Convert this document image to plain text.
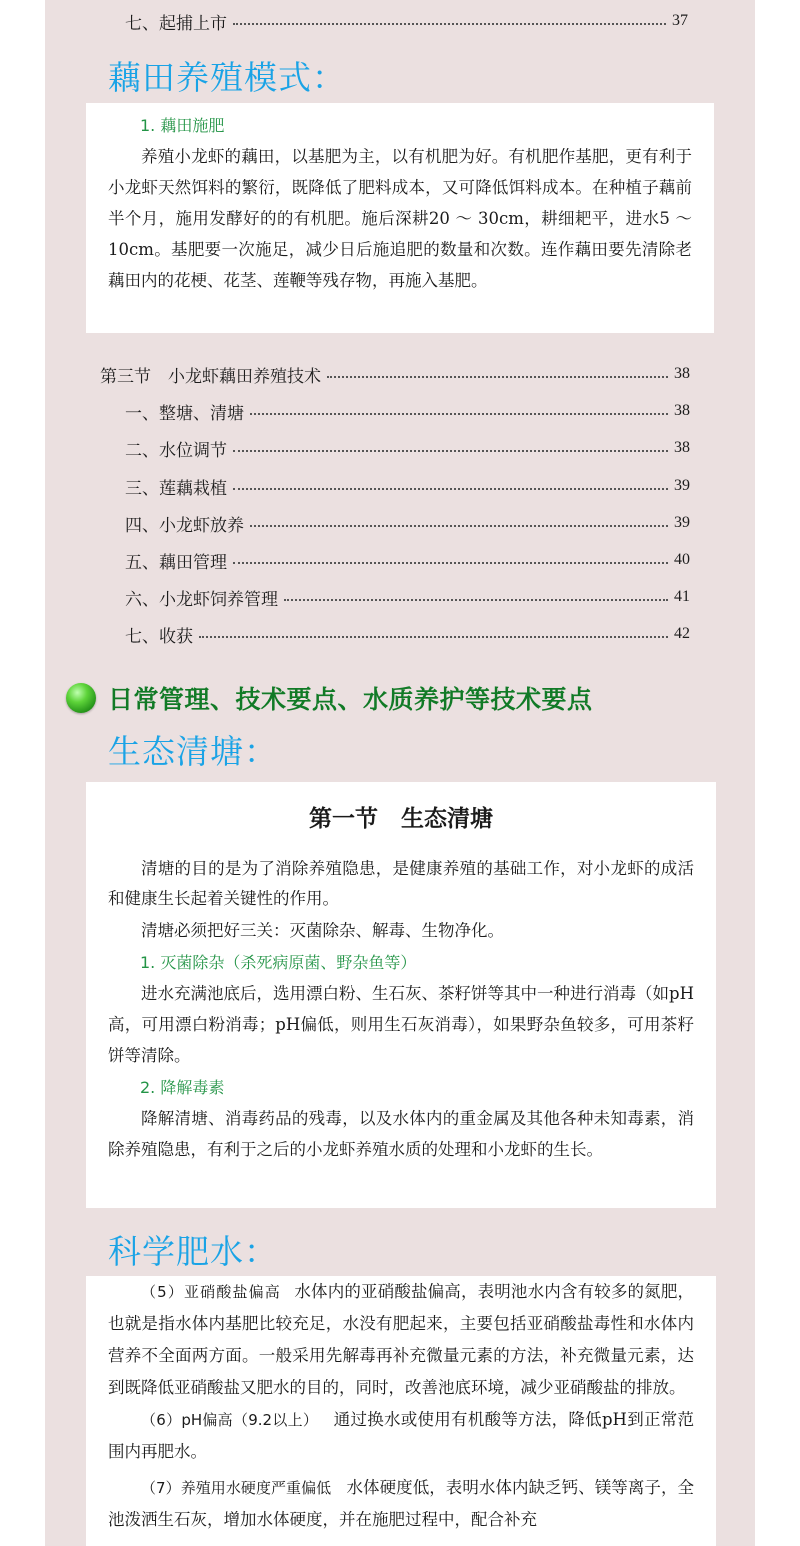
七、起捕上市	37
藕田养殖模式：

1. 藕田施肥

养殖小龙虾的藕田，以基肥为主，以有机肥为好。有机肥作基肥，更有利于小龙虾天然饵料的繁衍，既降低了肥料成本，又可降低饵料成本。在种植子藕前半个月，施用发酵好的的有机肥。施后深耕20 ～ 30cm，耕细耙平，进水5 ～ 10cm。基肥要一次施足，减少日后施追肥的数量和次数。连作藕田要先清除老藕田内的花梗、花茎、莲鞭等残存物，再施入基肥。

第三节　小龙虾藕田养殖技术	38
一、整塘、清塘	38
二、水位调节	38
三、莲藕栽植	39
四、小龙虾放养	39
五、藕田管理	40
六、小龙虾饲养管理	41
七、收获	42
日常管理、技术要点、水质养护等技术要点
生态清塘：

第一节　生态清塘

清塘的目的是为了消除养殖隐患，是健康养殖的基础工作，对小龙虾的成活和健康生长起着关键性的作用。

清塘必须把好三关：灭菌除杂、解毒、生物净化。

1. 灭菌除杂（杀死病原菌、野杂鱼等）

进水充满池底后，选用漂白粉、生石灰、茶籽饼等其中一种进行消毒（如pH高，可用漂白粉消毒；pH偏低，则用生石灰消毒），如果野杂鱼较多，可用茶籽饼等清除。

2. 降解毒素

降解清塘、消毒药品的残毒，以及水体内的重金属及其他各种未知毒素，消除养殖隐患，有利于之后的小龙虾养殖水质的处理和小龙虾的生长。

科学肥水：

（5）亚硝酸盐偏高 水体内的亚硝酸盐偏高，表明池水内含有较多的氮肥，也就是指水体内基肥比较充足，水没有肥起来，主要包括亚硝酸盐毒性和水体内营养不全面两方面。一般采用先解毒再补充微量元素的方法，补充微量元素，达到既降低亚硝酸盐又肥水的目的，同时，改善池底环境，减少亚硝酸盐的排放。

（6）pH偏高（9.2以上） 通过换水或使用有机酸等方法，降低pH到正常范围内再肥水。

（7）养殖用水硬度严重偏低 水体硬度低，表明水体内缺乏钙、镁等离子，全池泼洒生石灰，增加水体硬度，并在施肥过程中，配合补充
